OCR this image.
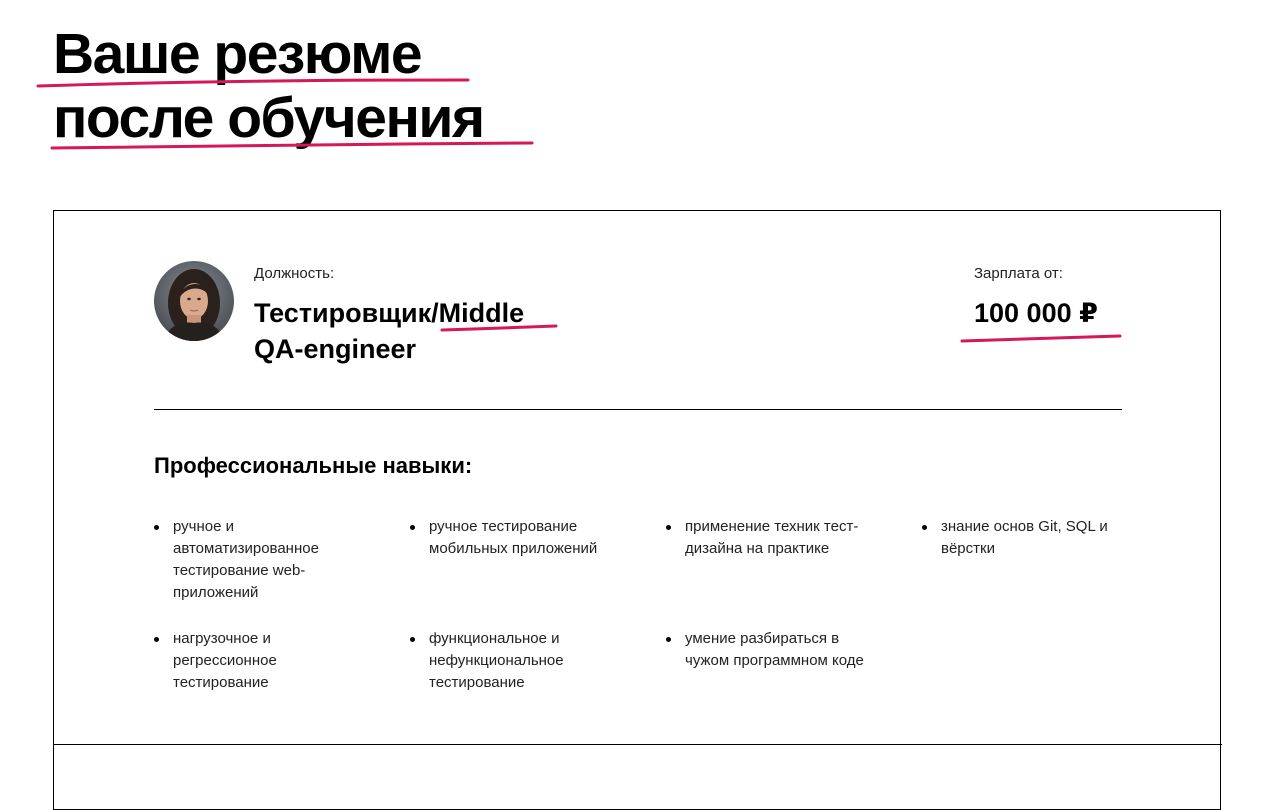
Ваше резюме
после обучения
Должность:
Тестировщик/Middle
QA-engineer
Зарплата от:
100 000 ₽
Профессиональные навыки:
ручное и автоматизированное тестирование web-приложений
ручное тестирование мобильных приложений
применение техник тест-дизайна на практике
знание основ Git, SQL и вёрстки
нагрузочное и регрессионное тестирование
функциональное и нефункциональное тестирование
умение разбираться в чужом программном коде
